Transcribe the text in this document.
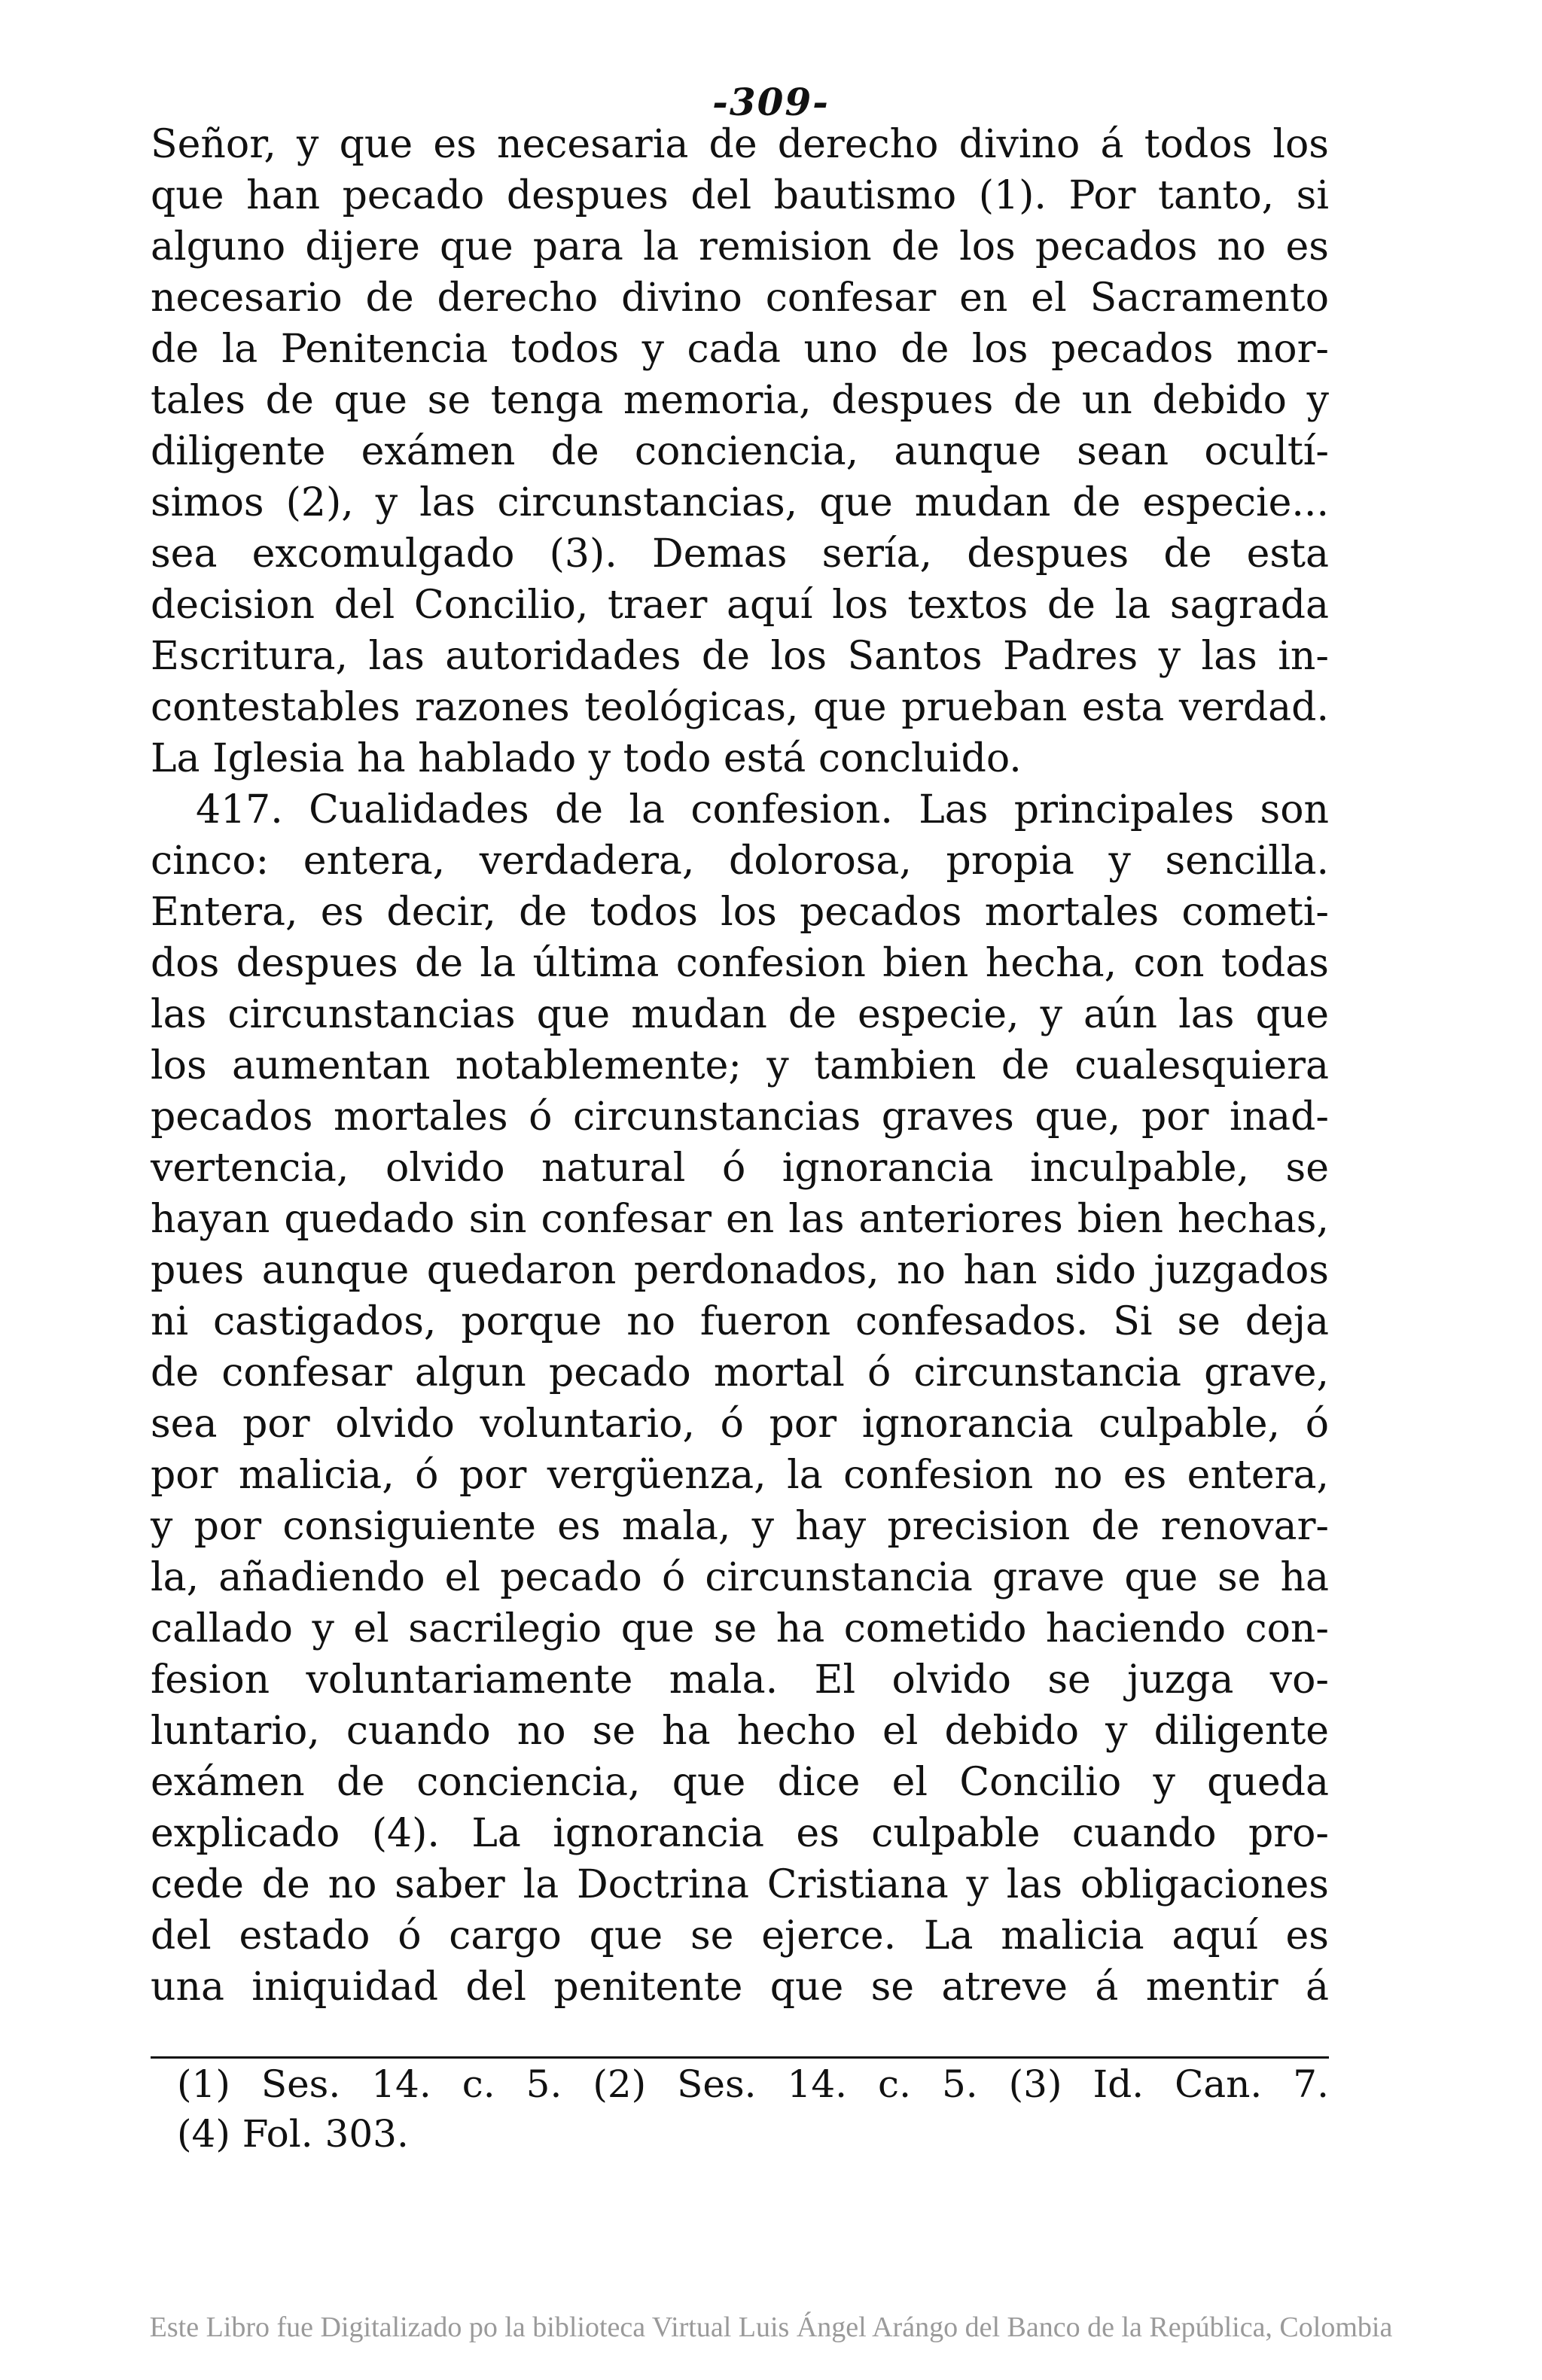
-309-
Señor, y que es necesaria de derecho divino á todos los
que han pecado despues del bautismo (1). Por tanto, si
alguno dijere que para la remision de los pecados no es
necesario de derecho divino confesar en el Sacramento
de la Penitencia todos y cada uno de los pecados mor-
tales de que se tenga memoria, despues de un debido y
diligente exámen de conciencia, aunque sean ocultí-
simos (2), y las circunstancias, que mudan de especie...
sea excomulgado (3). Demas sería, despues de esta
decision del Concilio, traer aquí los textos de la sagrada
Escritura, las autoridades de los Santos Padres y las in-
contestables razones teológicas, que prueban esta verdad.
La Iglesia ha hablado y todo está concluido.
417. Cualidades de la confesion. Las principales son
cinco: entera, verdadera, dolorosa, propia y sencilla.
Entera, es decir, de todos los pecados mortales cometi-
dos despues de la última confesion bien hecha, con todas
las circunstancias que mudan de especie, y aún las que
los aumentan notablemente; y tambien de cualesquiera
pecados mortales ó circunstancias graves que, por inad-
vertencia, olvido natural ó ignorancia inculpable, se
hayan quedado sin confesar en las anteriores bien hechas,
pues aunque quedaron perdonados, no han sido juzgados
ni castigados, porque no fueron confesados. Si se deja
de confesar algun pecado mortal ó circunstancia grave,
sea por olvido voluntario, ó por ignorancia culpable, ó
por malicia, ó por vergüenza, la confesion no es entera,
y por consiguiente es mala, y hay precision de renovar-
la, añadiendo el pecado ó circunstancia grave que se ha
callado y el sacrilegio que se ha cometido haciendo con-
fesion voluntariamente mala. El olvido se juzga vo-
luntario, cuando no se ha hecho el debido y diligente
exámen de conciencia, que dice el Concilio y queda
explicado (4). La ignorancia es culpable cuando pro-
cede de no saber la Doctrina Cristiana y las obligaciones
del estado ó cargo que se ejerce. La malicia aquí es
una iniquidad del penitente que se atreve á mentir á
(1) Ses. 14. c. 5. (2) Ses. 14. c. 5. (3) Id. Can. 7.
(4) Fol. 303.
Este Libro fue Digitalizado po la biblioteca Virtual Luis Ángel Arángo del Banco de la República, Colombia
